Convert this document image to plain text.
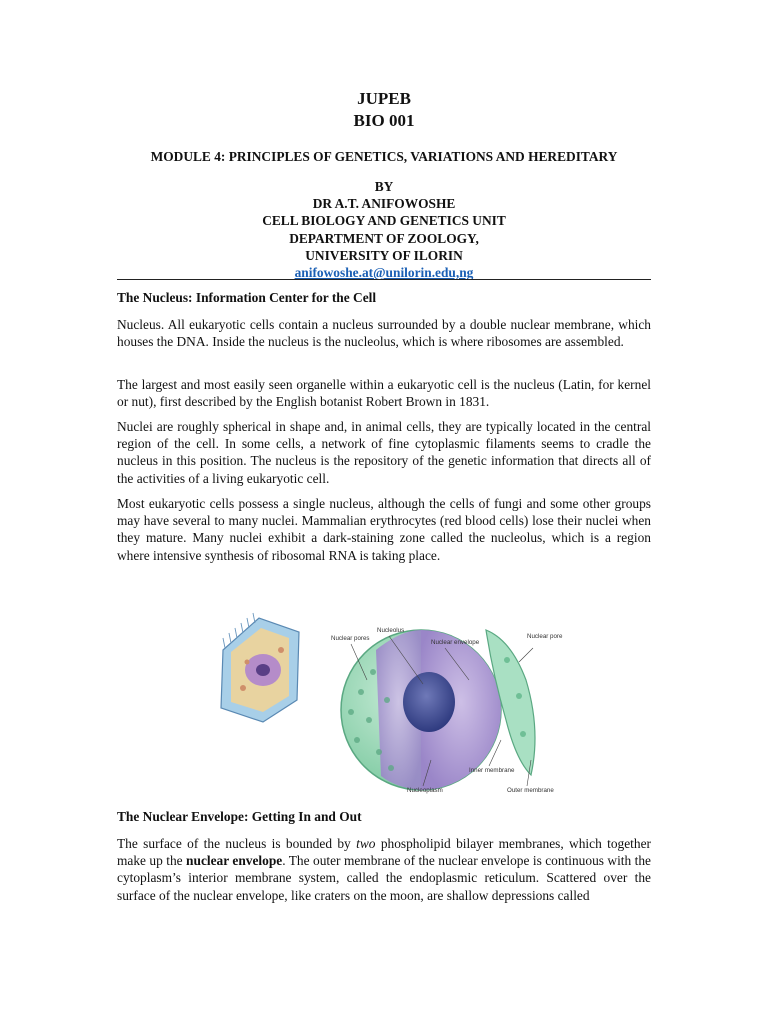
JUPEB
BIO 001
MODULE 4: PRINCIPLES OF GENETICS, VARIATIONS AND HEREDITARY
BY
DR A.T. ANIFOWOSHE
CELL BIOLOGY AND GENETICS UNIT
DEPARTMENT OF ZOOLOGY,
UNIVERSITY OF ILORIN
anifowoshe.at@unilorin.edu,ng
The Nucleus: Information Center for the Cell
Nucleus. All eukaryotic cells contain a nucleus surrounded by a double nuclear membrane, which houses the DNA. Inside the nucleus is the nucleolus, which is where ribosomes are assembled.
The largest and most easily seen organelle within a eukaryotic cell is the nucleus (Latin, for kernel or nut), first described by the English botanist Robert Brown in 1831.
Nuclei are roughly spherical in shape and, in animal cells, they are typically located in the central region of the cell. In some cells, a network of fine cytoplasmic filaments seems to cradle the nucleus in this position. The nucleus is the repository of the genetic information that directs all of the activities of a living eukaryotic cell.
Most eukaryotic cells possess a single nucleus, although the cells of fungi and some other groups may have several to many nuclei. Mammalian erythrocytes (red blood cells) lose their nuclei when they mature. Many nuclei exhibit a dark-staining zone called the nucleolus, which is a region where intensive synthesis of ribosomal RNA is taking place.
Nuclear pores
Nucleolus
Nuclear envelope
Nuclear pore
Inner membrane
Nucleoplasm	Outer membrane
The Nuclear Envelope: Getting In and Out
The surface of the nucleus is bounded by two phospholipid bilayer membranes, which together make up the nuclear envelope. The outer membrane of the nuclear envelope is continuous with the cytoplasm’s interior membrane system, called the endoplasmic reticulum. Scattered over the surface of the nuclear envelope, like craters on the moon, are shallow depressions called
